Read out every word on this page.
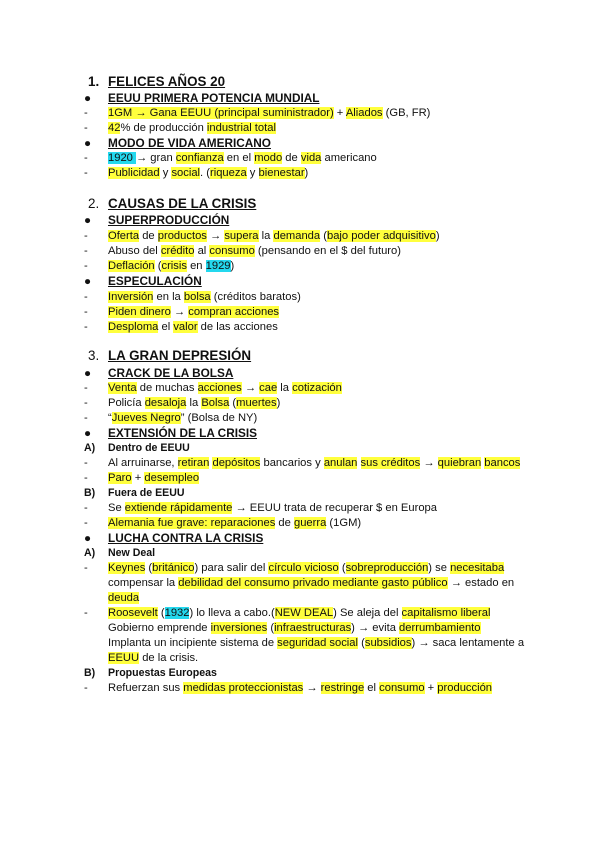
1. FELICES AÑOS 20
●	EEUU PRIMERA POTENCIA MUNDIAL
-	1GM → Gana EEUU (principal suministrador) + Aliados (GB, FR)
-	42% de producción industrial total
●	MODO DE VIDA AMERICANO
-	1920 → gran confianza en el modo de vida americano
-	Publicidad y social. (riqueza y bienestar)
2. CAUSAS DE LA CRISIS
●	SUPERPRODUCCIÓN
-	Oferta de productos → supera la demanda (bajo poder adquisitivo)
-	Abuso del crédito al consumo (pensando en el $ del futuro)
-	Deflación (crisis en 1929)
●	ESPECULACIÓN
-	Inversión en la bolsa (créditos baratos)
-	Piden dinero → compran acciones
-	Desploma el valor de las acciones
3. LA GRAN DEPRESIÓN
●	CRACK DE LA BOLSA
-	Venta de muchas acciones → cae la cotización
-	Policía desaloja la Bolsa (muertes)
-	“Jueves Negro” (Bolsa de NY)
●	EXTENSIÓN DE LA CRISIS
A)	Dentro de EEUU
-	Al arruinarse, retiran depósitos bancarios y anulan sus créditos → quiebran bancos
-	Paro + desempleo
B)	Fuera de EEUU
-	Se extiende rápidamente → EEUU trata de recuperar $ en Europa
-	Alemania fue grave: reparaciones de guerra (1GM)
●	LUCHA CONTRA LA CRISIS
A)	New Deal
-	Keynes (británico) para salir del círculo vicioso (sobreproducción) se necesitaba
compensar la debilidad del consumo privado mediante gasto público → estado en
deuda
-	Roosevelt (1932) lo lleva a cabo.(NEW DEAL) Se aleja del capitalismo liberal
Gobierno emprende inversiones (infraestructuras) → evita derrumbamiento
Implanta un incipiente sistema de seguridad social (subsidios) → saca lentamente a
EEUU de la crisis.
B)	Propuestas Europeas
-	Refuerzan sus medidas proteccionistas → restringe el consumo + producción
